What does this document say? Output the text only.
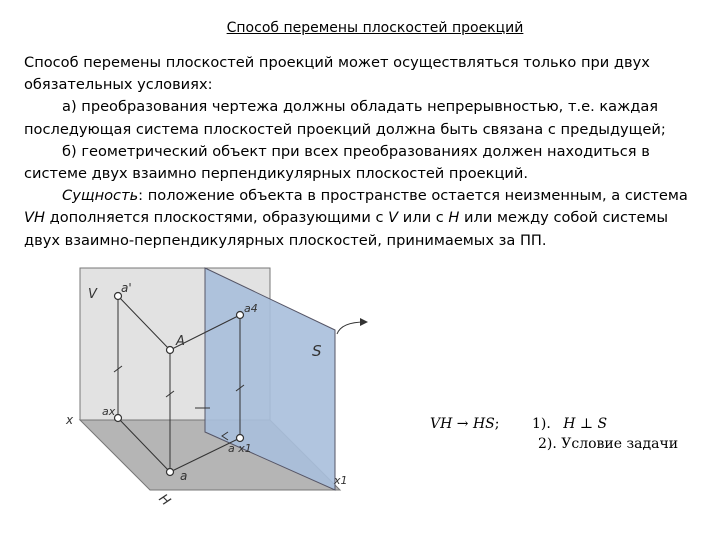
Способ перемены плоскостей проекций

Способ перемены плоскостей проекций может осуществляться только при двух обязательных условиях:

а) преобразования чертежа должны обладать непрерывностью, т.е. каждая последующая система плоскостей проекций должна быть связана с предыдущей;

б) геометрический объект при всех преобразованиях должен находиться в системе двух взаимно перпендикулярных плоскостей проекций.

Сущность: положение объекта в пространстве остается неизменным, а система VH дополняется плоскостями, образующими с V или с H или между собой системы двух взаимно-перпендикулярных плоскостей, принимаемых за ПП.

V a'
A
a4
S
x
ax
a x1
a
H
x1
VH → HS; 1). H ⊥ S
2). Условие задачи
